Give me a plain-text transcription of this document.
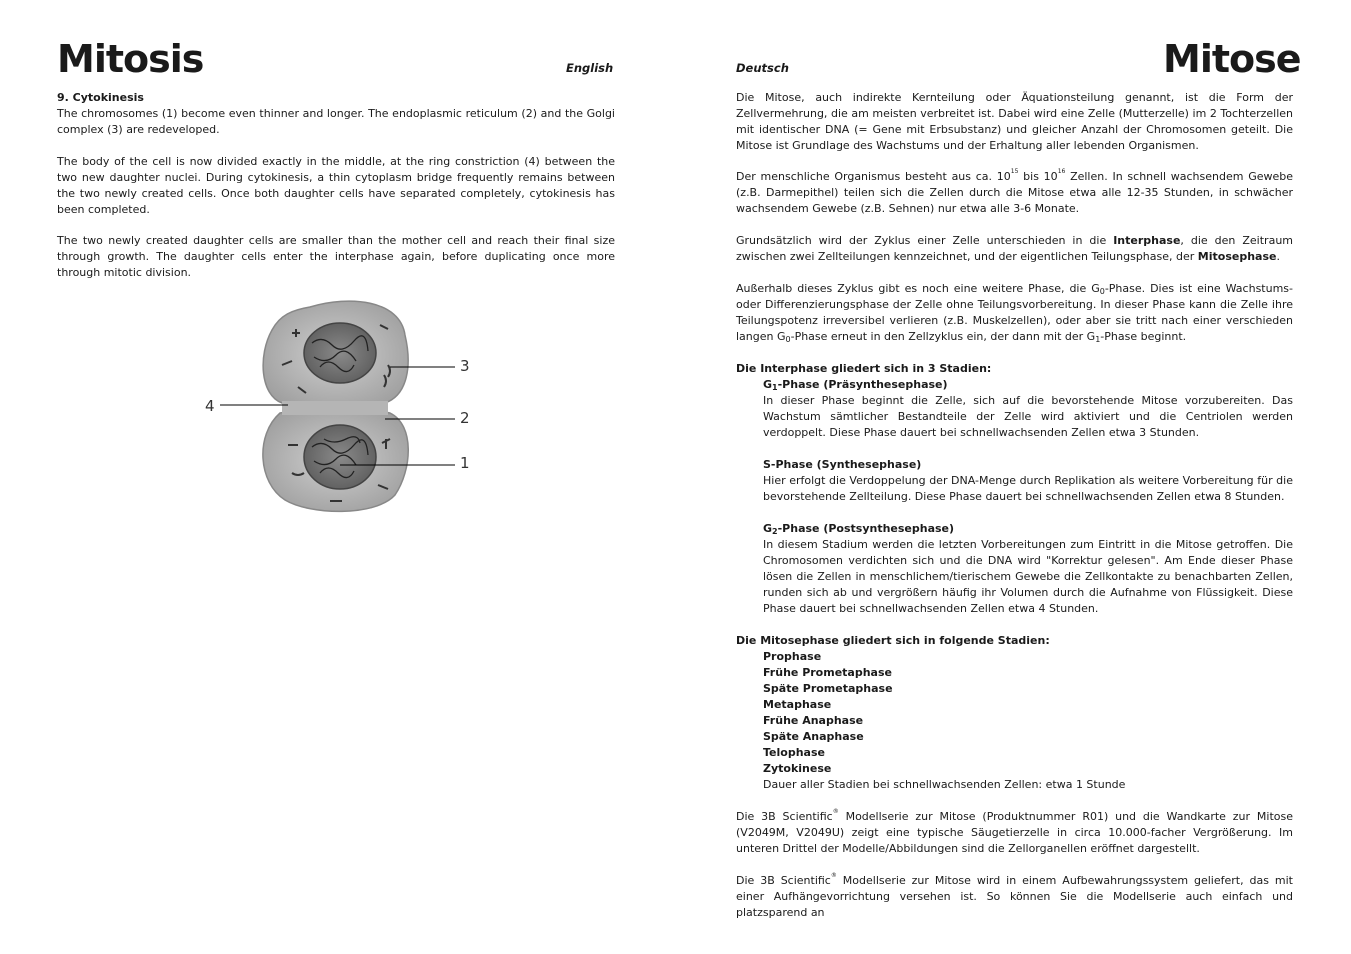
Mitosis	English
9. Cytokinesis

The chromosomes (1) become even thinner and longer. The endoplasmic reticulum (2) and the Golgi complex (3) are redeveloped.

The body of the cell is now divided exactly in the middle, at the ring constriction (4) between the two new daughter nuclei. During cytokinesis, a thin cytoplasm bridge frequently remains between the two newly created cells. Once both daughter cells have separated completely, cytokinesis has been completed.

The two newly created daughter cells are smaller than the mother cell and reach their final size through growth. The daughter cells enter the interphase again, before duplicating once more through mitotic division.

3
2
1
4
Deutsch	Mitose

Die Mitose, auch indirekte Kernteilung oder Äquationsteilung genannt, ist die Form der Zellvermehrung, die am meisten verbreitet ist. Dabei wird eine Zelle (Mutterzelle) im 2 Tochterzellen mit identischer DNA (= Gene mit Erbsubstanz) und gleicher Anzahl der Chromosomen geteilt. Die Mitose ist Grundlage des Wachstums und der Erhaltung aller lebenden Organismen.

Der menschliche Organismus besteht aus ca. $10^{15}$ bis $10^{16}$ Zellen. In schnell wachsendem Gewebe (z.B. Darmepithel) teilen sich die Zellen durch die Mitose etwa alle 12-35 Stunden, in schwächer wachsendem Gewebe (z.B. Sehnen) nur etwa alle 3-6 Monate.

Grundsätzlich wird der Zyklus einer Zelle unterschieden in die Interphase, die den Zeitraum zwischen zwei Zellteilungen kennzeichnet, und der eigentlichen Teilungsphase, der Mitosephase.

Außerhalb dieses Zyklus gibt es noch eine weitere Phase, die $G_0$-Phase. Dies ist eine Wachstums- oder Differenzierungsphase der Zelle ohne Teilungsvorbereitung. In dieser Phase kann die Zelle ihre Teilungspotenz irreversibel verlieren (z.B. Muskelzellen), oder aber sie tritt nach einer verschieden langen $G_0$-Phase erneut in den Zellzyklus ein, der dann mit der $G_1$-Phase beginnt.

Die Interphase gliedert sich in 3 Stadien:
$G_1$-Phase (Präsynthesephase)

In dieser Phase beginnt die Zelle, sich auf die bevorstehende Mitose vorzubereiten. Das Wachstum sämtlicher Bestandteile der Zelle wird aktiviert und die Centriolen werden verdoppelt. Diese Phase dauert bei schnellwachsenden Zellen etwa 3 Stunden.

S-Phase (Synthesephase)

Hier erfolgt die Verdoppelung der DNA-Menge durch Replikation als weitere Vorbereitung für die bevorstehende Zellteilung. Diese Phase dauert bei schnellwachsenden Zellen etwa 8 Stunden.

$G_2$-Phase (Postsynthesephase)

In diesem Stadium werden die letzten Vorbereitungen zum Eintritt in die Mitose getroffen. Die Chromosomen verdichten sich und die DNA wird "Korrektur gelesen". Am Ende dieser Phase lösen die Zellen in menschlichem/tierischem Gewebe die Zellkontakte zu benachbarten Zellen, runden sich ab und vergrößern häufig ihr Volumen durch die Aufnahme von Flüssigkeit. Diese Phase dauert bei schnellwachsenden Zellen etwa 4 Stunden.

Die Mitosephase gliedert sich in folgende Stadien:
Prophase
Frühe Prometaphase
Späte Prometaphase
Metaphase
Frühe Anaphase
Späte Anaphase
Telophase
Zytokinese
Dauer aller Stadien bei schnellwachsenden Zellen: etwa 1 Stunde

Die 3B Scientific® Modellserie zur Mitose (Produktnummer R01) und die Wandkarte zur Mitose (V2049M, V2049U) zeigt eine typische Säugetierzelle in circa 10.000-facher Vergrößerung. Im unteren Drittel der Modelle/Abbildungen sind die Zellorganellen eröffnet dargestellt.

Die 3B Scientific® Modellserie zur Mitose wird in einem Aufbewahrungssystem geliefert, das mit einer Aufhängevorrichtung versehen ist. So können Sie die Modellserie auch einfach und platzsparend an
